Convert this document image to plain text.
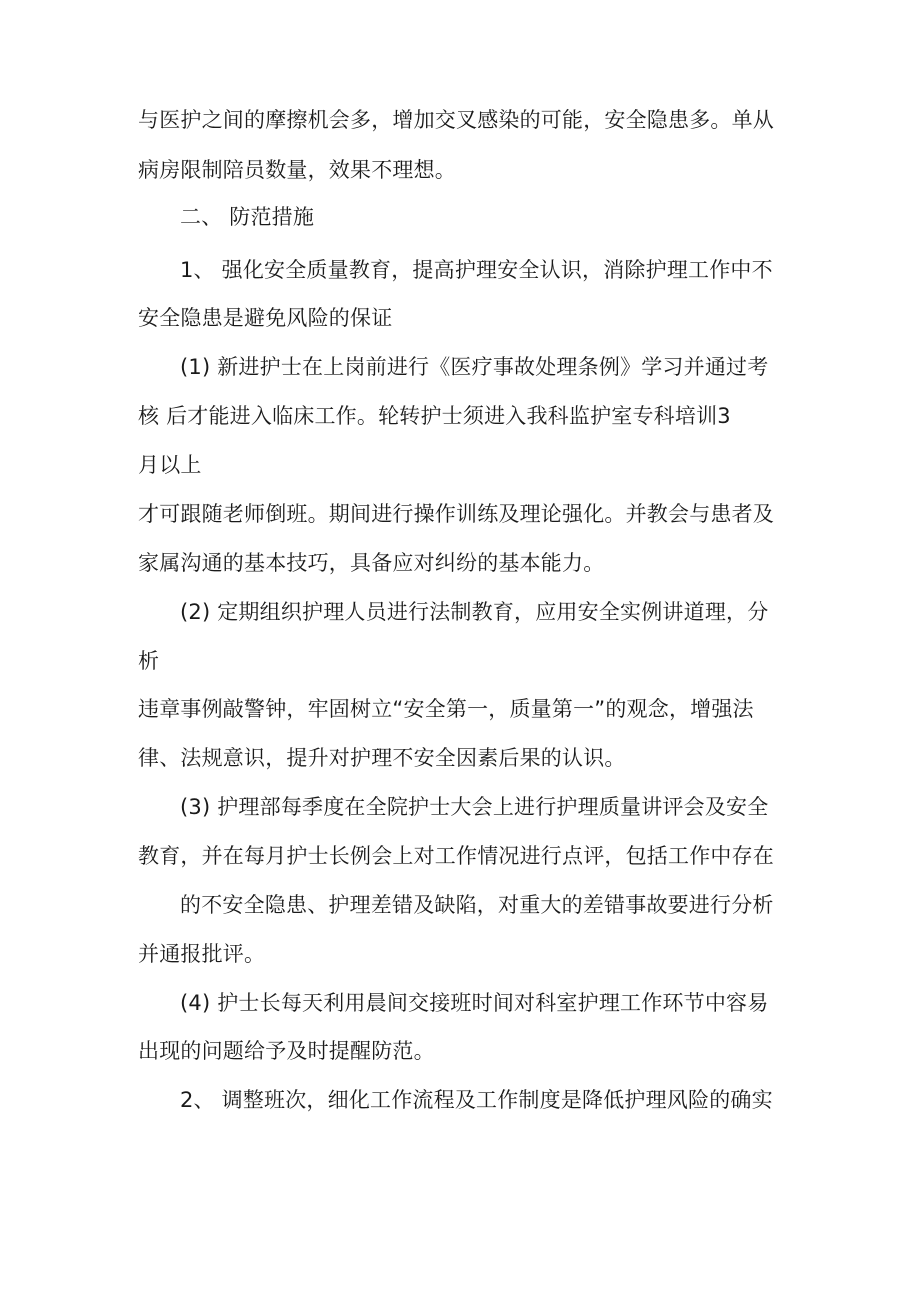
与医护之间的摩擦机会多，增加交叉感染的可能，安全隐患多。单从
病房限制陪员数量，效果不理想。
二、 防范措施
1、 强化安全质量教育，提高护理安全认识，消除护理工作中不
安全隐患是避免风险的保证
(1) 新进护士在上岗前进行《医疗事故处理条例》学习并通过考
核 后才能进入临床工作。轮转护士须进入我科监护室专科培训3
月以上
才可跟随老师倒班。期间进行操作训练及理论强化。并教会与患者及
家属沟通的基本技巧，具备应对纠纷的基本能力。
(2) 定期组织护理人员进行法制教育，应用安全实例讲道理，分
析
违章事例敲警钟，牢固树立“安全第一，质量第一”的观念，增强法
律、法规意识，提升对护理不安全因素后果的认识。
(3) 护理部每季度在全院护士大会上进行护理质量讲评会及安全
教育，并在每月护士长例会上对工作情况进行点评，包括工作中存在
的不安全隐患、护理差错及缺陷，对重大的差错事故要进行分析
并通报批评。
(4) 护士长每天利用晨间交接班时间对科室护理工作环节中容易
出现的问题给予及时提醒防范。
2、 调整班次，细化工作流程及工作制度是降低护理风险的确实
